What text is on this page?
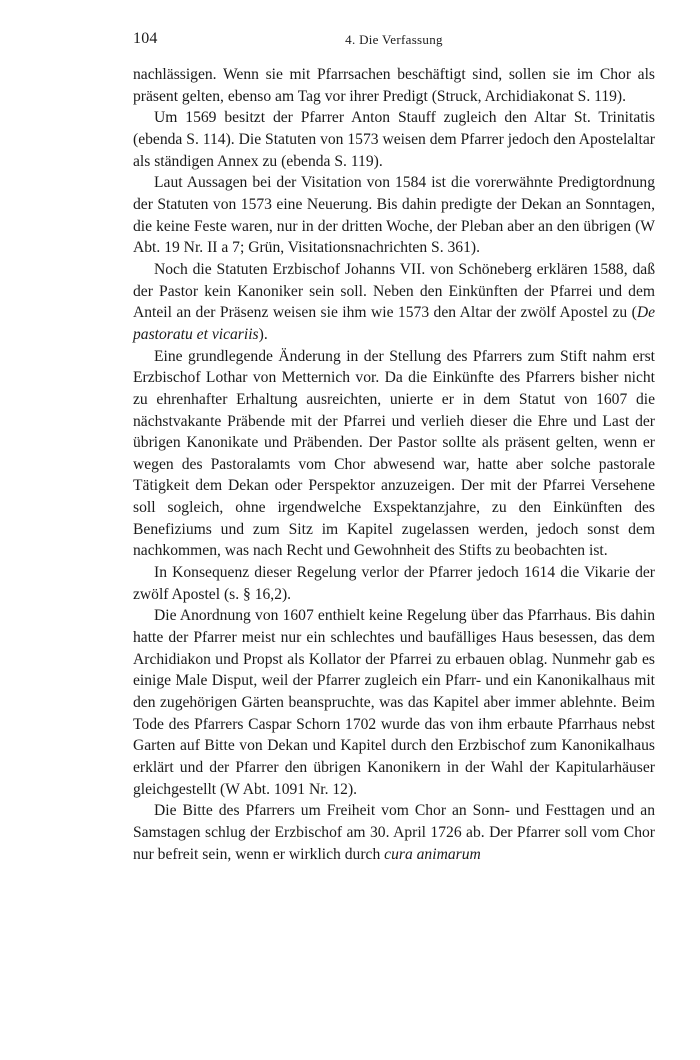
104	4. Die Verfassung

nachlässigen. Wenn sie mit Pfarrsachen beschäftigt sind, sollen sie im Chor als präsent gelten, ebenso am Tag vor ihrer Predigt (Struck, Archidiakonat S. 119).

Um 1569 besitzt der Pfarrer Anton Stauff zugleich den Altar St. Trinitatis (ebenda S. 114). Die Statuten von 1573 weisen dem Pfarrer jedoch den Apostelaltar als ständigen Annex zu (ebenda S. 119).

Laut Aussagen bei der Visitation von 1584 ist die vorerwähnte Predigtordnung der Statuten von 1573 eine Neuerung. Bis dahin predigte der Dekan an Sonntagen, die keine Feste waren, nur in der dritten Woche, der Pleban aber an den übrigen (W Abt. 19 Nr. II a 7; Grün, Visitationsnachrichten S. 361).

Noch die Statuten Erzbischof Johanns VII. von Schöneberg erklären 1588, daß der Pastor kein Kanoniker sein soll. Neben den Einkünften der Pfarrei und dem Anteil an der Präsenz weisen sie ihm wie 1573 den Altar der zwölf Apostel zu (De pastoratu et vicariis).

Eine grundlegende Änderung in der Stellung des Pfarrers zum Stift nahm erst Erzbischof Lothar von Metternich vor. Da die Einkünfte des Pfarrers bisher nicht zu ehrenhafter Erhaltung ausreichten, unierte er in dem Statut von 1607 die nächstvakante Präbende mit der Pfarrei und verlieh dieser die Ehre und Last der übrigen Kanonikate und Präbenden. Der Pastor sollte als präsent gelten, wenn er wegen des Pastoralamts vom Chor abwesend war, hatte aber solche pastorale Tätigkeit dem Dekan oder Perspektor anzuzeigen. Der mit der Pfarrei Versehene soll sogleich, ohne irgendwelche Exspektanzjahre, zu den Einkünften des Benefiziums und zum Sitz im Kapitel zugelassen werden, jedoch sonst dem nachkommen, was nach Recht und Gewohnheit des Stifts zu beobachten ist.

In Konsequenz dieser Regelung verlor der Pfarrer jedoch 1614 die Vikarie der zwölf Apostel (s. § 16,2).

Die Anordnung von 1607 enthielt keine Regelung über das Pfarrhaus. Bis dahin hatte der Pfarrer meist nur ein schlechtes und baufälliges Haus besessen, das dem Archidiakon und Propst als Kollator der Pfarrei zu erbauen oblag. Nunmehr gab es einige Male Disput, weil der Pfarrer zugleich ein Pfarr- und ein Kanonikalhaus mit den zugehörigen Gärten beanspruchte, was das Kapitel aber immer ablehnte. Beim Tode des Pfarrers Caspar Schorn 1702 wurde das von ihm erbaute Pfarrhaus nebst Garten auf Bitte von Dekan und Kapitel durch den Erzbischof zum Kanonikalhaus erklärt und der Pfarrer den übrigen Kanonikern in der Wahl der Kapitularhäuser gleichgestellt (W Abt. 1091 Nr. 12).

Die Bitte des Pfarrers um Freiheit vom Chor an Sonn- und Festtagen und an Samstagen schlug der Erzbischof am 30. April 1726 ab. Der Pfarrer soll vom Chor nur befreit sein, wenn er wirklich durch cura animarum
